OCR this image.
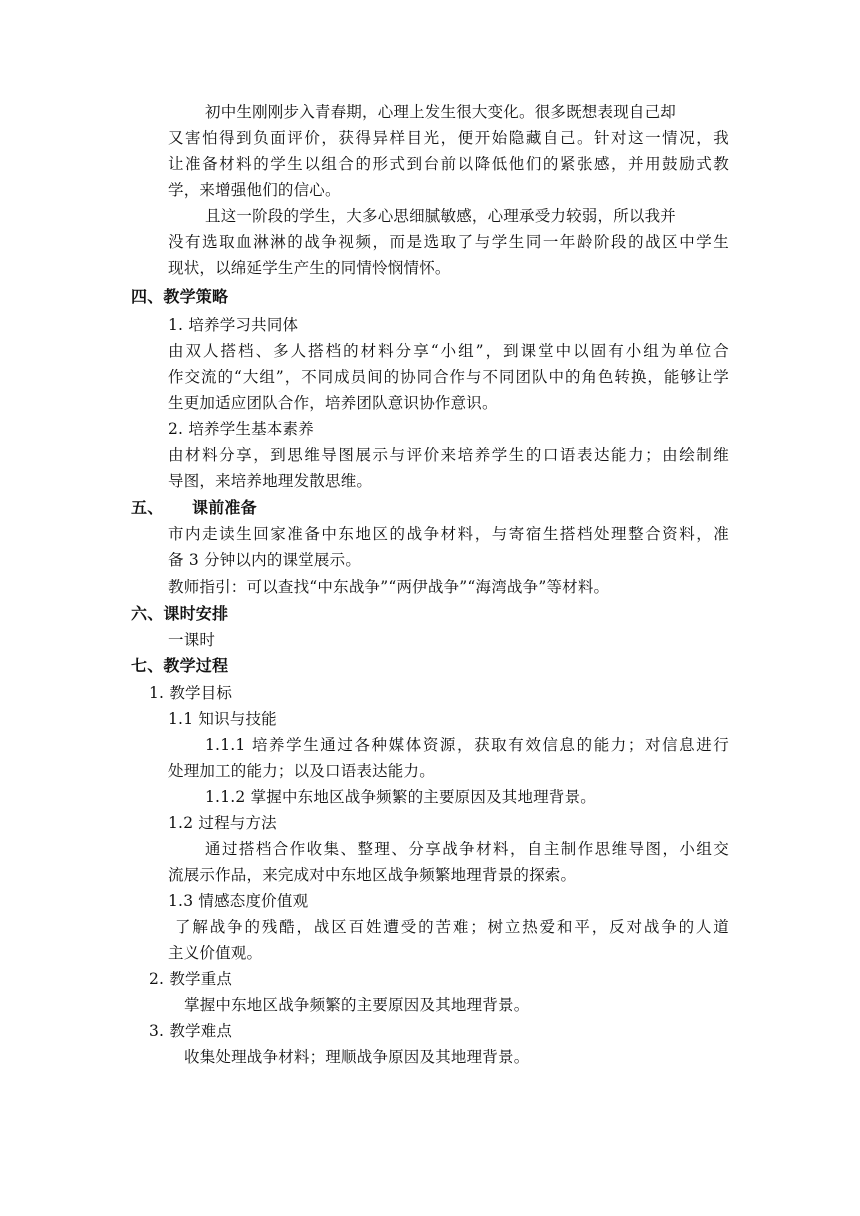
初中生刚刚步入青春期，心理上发生很大变化。很多既想表现自己却
又害怕得到负面评价，获得异样目光，便开始隐藏自己。针对这一情况，我
让准备材料的学生以组合的形式到台前以降低他们的紧张感，并用鼓励式教
学，来增强他们的信心。
且这一阶段的学生，大多心思细腻敏感，心理承受力较弱，所以我并
没有选取血淋淋的战争视频，而是选取了与学生同一年龄阶段的战区中学生
现状，以绵延学生产生的同情怜悯情怀。
四、教学策略
1. 培养学习共同体
由双人搭档、多人搭档的材料分享“小组”，到课堂中以固有小组为单位合
作交流的“大组”，不同成员间的协同合作与不同团队中的角色转换，能够让学
生更加适应团队合作，培养团队意识协作意识。
2. 培养学生基本素养
由材料分享，到思维导图展示与评价来培养学生的口语表达能力；由绘制维
导图，来培养地理发散思维。
五、 课前准备
市内走读生回家准备中东地区的战争材料，与寄宿生搭档处理整合资料，准
备 3 分钟以内的课堂展示。
教师指引：可以查找“中东战争”“两伊战争”“海湾战争”等材料。
六、课时安排
一课时
七、教学过程
1. 教学目标
1.1 知识与技能
1.1.1 培养学生通过各种媒体资源，获取有效信息的能力；对信息进行
处理加工的能力；以及口语表达能力。
1.1.2 掌握中东地区战争频繁的主要原因及其地理背景。
1.2 过程与方法
通过搭档合作收集、整理、分享战争材料，自主制作思维导图，小组交
流展示作品，来完成对中东地区战争频繁地理背景的探索。
1.3 情感态度价值观
了解战争的残酷，战区百姓遭受的苦难；树立热爱和平，反对战争的人道
主义价值观。
2. 教学重点
掌握中东地区战争频繁的主要原因及其地理背景。
3. 教学难点
收集处理战争材料；理顺战争原因及其地理背景。
